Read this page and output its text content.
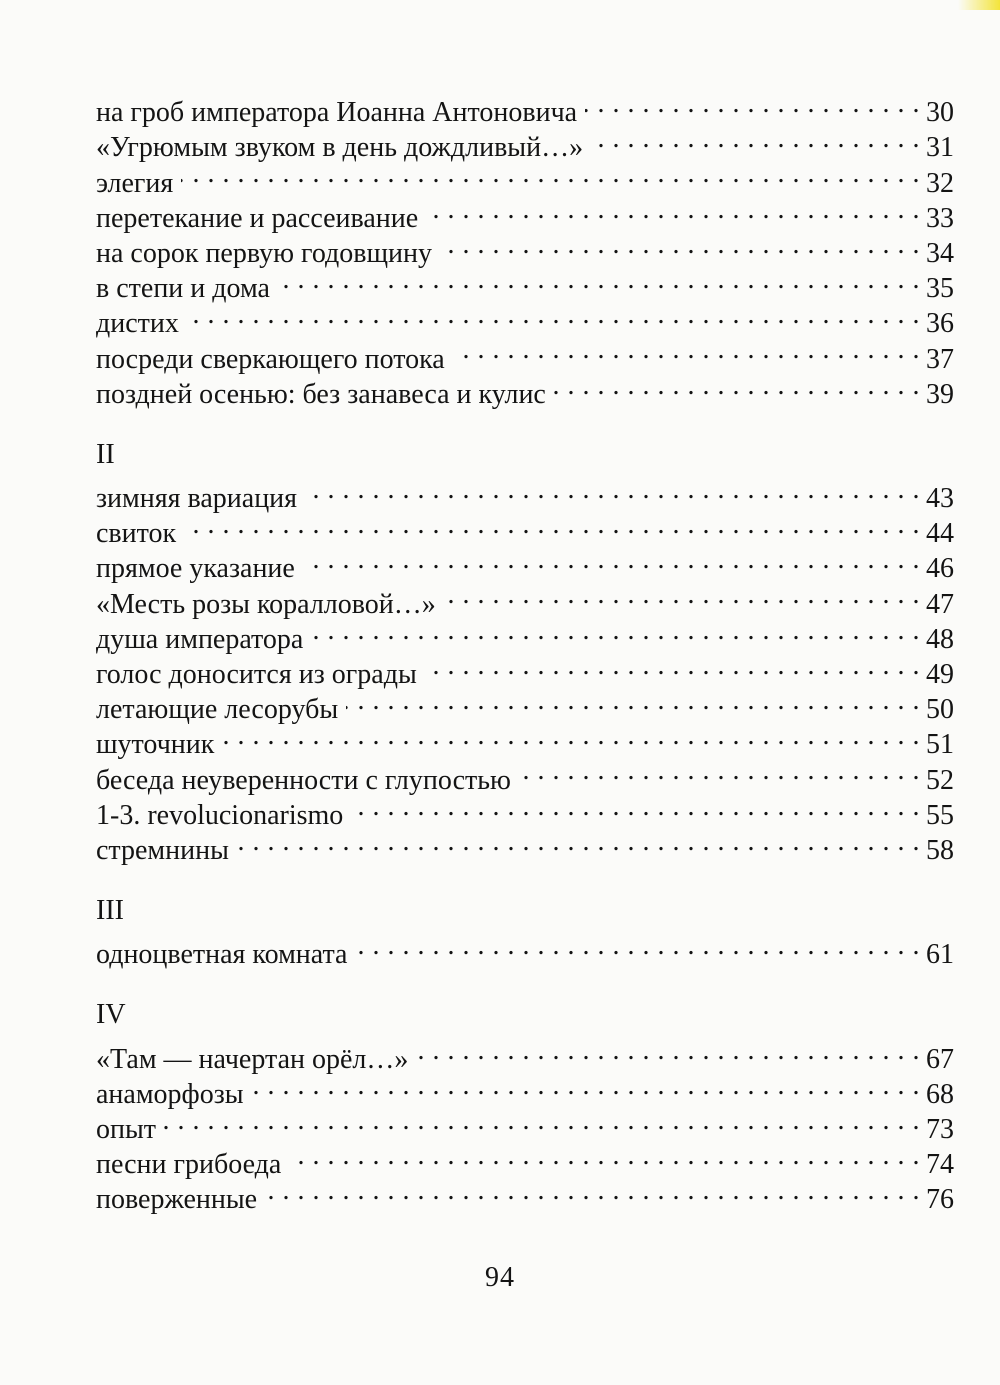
на гроб императора Иоанна Антоновича . . .	30
«Угрюмым звуком в день дождливый…» . . .	31
элегия . . .	32
перетекание и рассеивание . . .	33
на сорок первую годовщину . . .	34
в степи и дома . . .	35
дистих . . .	36
посреди сверкающего потока . . .	37
поздней осенью: без занавеса и кулис . . .	39
II
зимняя вариация . . .	43
свиток . . .	44
прямое указание . . .	46
«Месть розы коралловой…» . . .	47
душа императора . . .	48
голос доносится из ограды . . .	49
летающие лесорубы . . .	50
шуточник . . .	51
беседа неуверенности с глупостью . . .	52
1-3. revolucionarismo . . .	55
стремнины . . .	58
III
одноцветная комната . . .	61
IV
«Там — начертан орёл…» . . .	67
анаморфозы . . .	68
опыт . . .	73
песни грибоеда . . .	74
поверженные . . .	76
94
